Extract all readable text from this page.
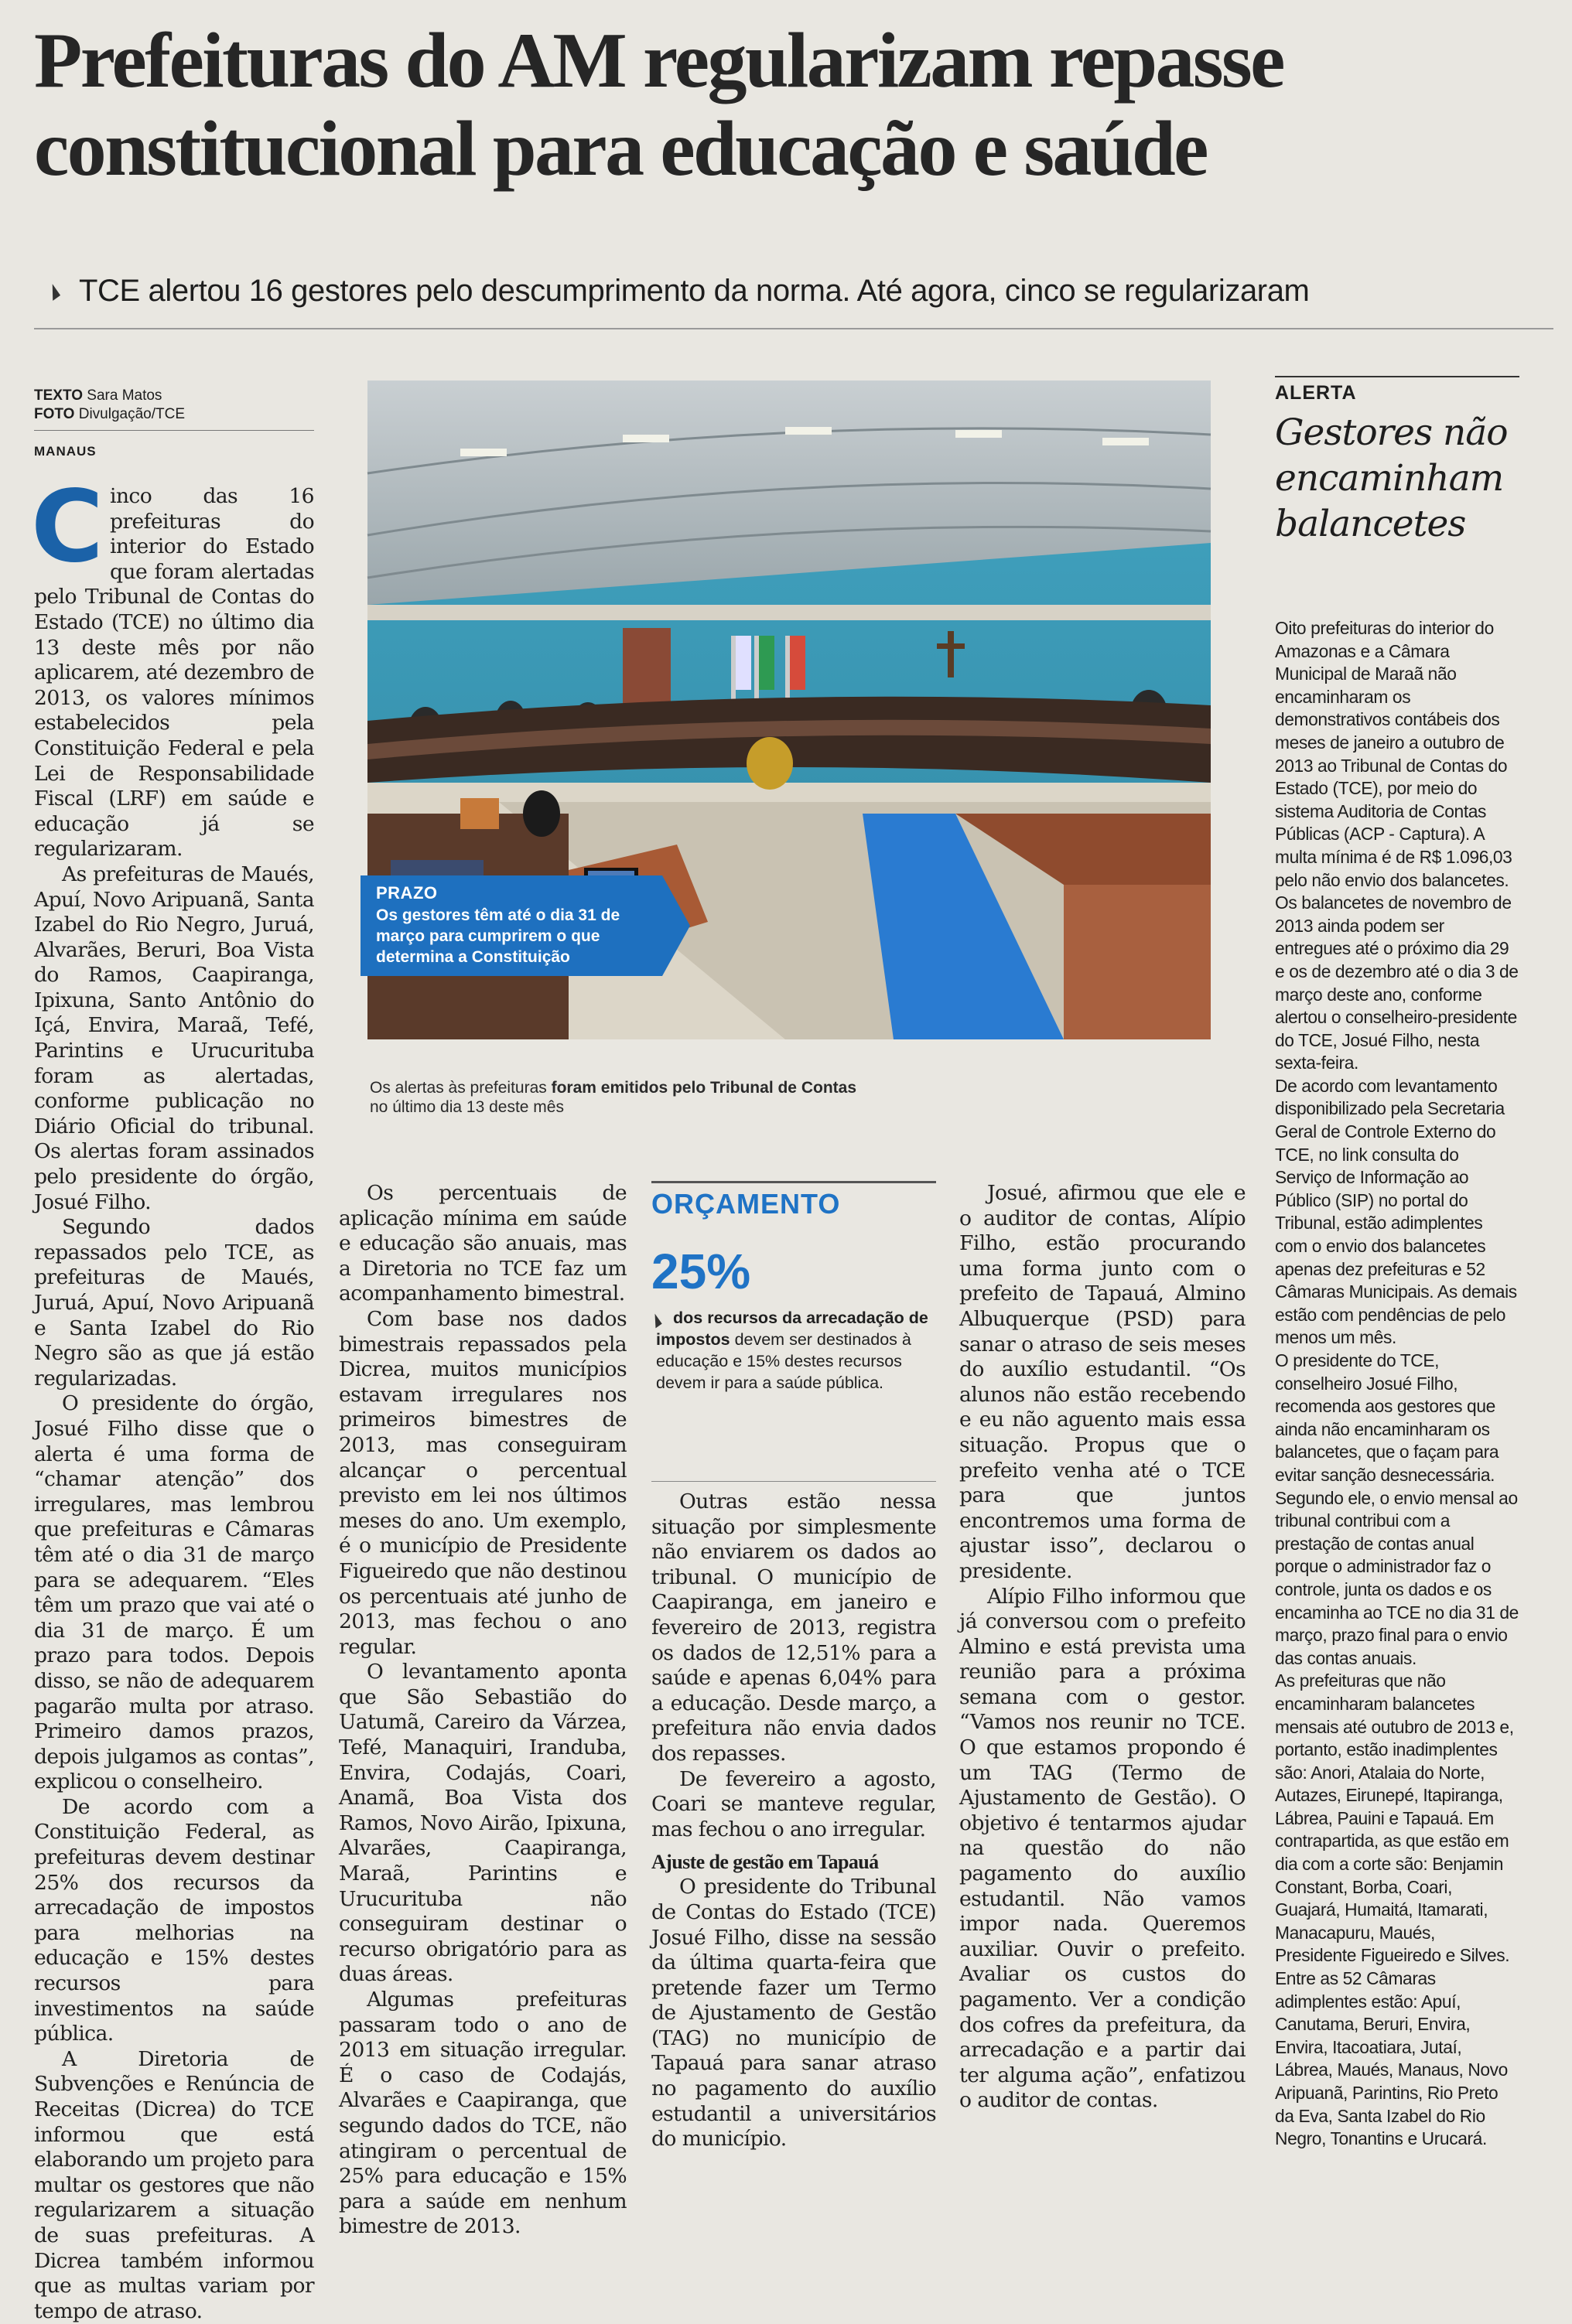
Prefeituras do AM regularizam repasse constitucional para educação e saúde
TCE alertou 16 gestores pelo descumprimento da norma. Até agora, cinco se regularizaram
TEXTO Sara Matos
FOTO Divulgação/TCE
MANAUS

Cinco das 16 prefeituras do interior do Estado que foram alertadas pelo Tribunal de Contas do Estado (TCE) no último dia 13 deste mês por não aplicarem, até dezembro de 2013, os valores mínimos estabelecidos pela Constituição Federal e pela Lei de Responsabilidade Fiscal (LRF) em saúde e educação já se regularizaram.

As prefeituras de Maués, Apuí, Novo Aripuanã, Santa Izabel do Rio Negro, Juruá, Alvarães, Beruri, Boa Vista do Ramos, Caapiranga, Ipixuna, Santo Antônio do Içá, Envira, Maraã, Tefé, Parintins e Urucurituba foram as alertadas, conforme publicação no Diário Oficial do tribunal. Os alertas foram assinados pelo presidente do órgão, Josué Filho.

Segundo dados repassados pelo TCE, as prefeituras de Maués, Juruá, Apuí, Novo Aripuanã e Santa Izabel do Rio Negro são as que já estão regularizadas.

O presidente do órgão, Josué Filho disse que o alerta é uma forma de “chamar atenção” dos irregulares, mas lembrou que prefeituras e Câmaras têm até o dia 31 de março para se adequarem. “Eles têm um prazo que vai até o dia 31 de março. É um prazo para todos. Depois disso, se não de adequarem pagarão multa por atraso. Primeiro damos prazos, depois julgamos as contas”, explicou o conselheiro.

De acordo com a Constituição Federal, as prefeituras devem destinar 25% dos recursos da arrecadação de impostos para melhorias na educação e 15% destes recursos para investimentos na saúde pública.

A Diretoria de Subvenções e Renúncia de Receitas (Dicrea) do TCE informou que está elaborando um projeto para multar os gestores que não regularizarem a situação de suas prefeituras. A Dicrea também informou que as multas variam por tempo de atraso.

Os percentuais de aplicação mínima em saúde e educação são anuais, mas a Diretoria no TCE faz um acompanhamento bimestral.

Com base nos dados bimestrais repassados pela Dicrea, muitos municípios estavam irregulares nos primeiros bimestres de 2013, mas conseguiram alcançar o percentual previsto em lei nos últimos meses do ano. Um exemplo, é o município de Presidente Figueiredo que não destinou os percentuais até junho de 2013, mas fechou o ano regular.

O levantamento aponta que São Sebastião do Uatumã, Careiro da Várzea, Tefé, Manaquiri, Iranduba, Envira, Codajás, Coari, Anamã, Boa Vista dos Ramos, Novo Airão, Ipixuna, Alvarães, Caapiranga, Maraã, Parintins e Urucurituba não conseguiram destinar o recurso obrigatório para as duas áreas.

Algumas prefeituras passaram todo o ano de 2013 em situação irregular. É o caso de Codajás, Alvarães e Caapiranga, que segundo dados do TCE, não atingiram o percentual de 25% para educação e 15% para a saúde em nenhum bimestre de 2013.

ORÇAMENTO
25%
dos recursos da arrecadação de impostos devem ser destinados à educação e 15% destes recursos devem ir para a saúde pública.

Outras estão nessa situação por simplesmente não enviarem os dados ao tribunal. O município de Caapiranga, em janeiro e fevereiro de 2013, registra os dados de 12,51% para a saúde e apenas 6,04% para a educação. Desde março, a prefeitura não envia dados dos repasses.

De fevereiro a agosto, Coari se manteve regular, mas fechou o ano irregular.

Ajuste de gestão em Tapauá

O presidente do Tribunal de Contas do Estado (TCE) Josué Filho, disse na sessão da última quarta-feira que pretende fazer um Termo de Ajustamento de Gestão (TAG) no município de Tapauá para sanar atraso no pagamento do auxílio estudantil a universitários do município.

Josué, afirmou que ele e o auditor de contas, Alípio Filho, estão procurando uma forma junto com o prefeito de Tapauá, Almino Albuquerque (PSD) para sanar o atraso de seis meses do auxílio estudantil. “Os alunos não estão recebendo e eu não aguento mais essa situação. Propus que o prefeito venha até o TCE para que juntos encontremos uma forma de ajustar isso”, declarou o presidente.

Alípio Filho informou que já conversou com o prefeito Almino e está prevista uma reunião para a próxima semana com o gestor. “Vamos nos reunir no TCE. O que estamos propondo é um TAG (Termo de Ajustamento de Gestão). O objetivo é tentarmos ajudar na questão do não pagamento do auxílio estudantil. Não vamos impor nada. Queremos auxiliar. Ouvir o prefeito. Avaliar os custos do pagamento. Ver a condição dos cofres da prefeitura, da arrecadação e a partir dai ter alguma ação”, enfatizou o auditor de contas.

PRAZO
Os gestores têm até o dia 31 de março para cumprirem o que determina a Constituição
Os alertas às prefeituras foram emitidos pelo Tribunal de Contas
no último dia 13 deste mês
ALERTA
Gestores não encaminham balancetes

Oito prefeituras do interior do Amazonas e a Câmara Municipal de Maraã não encaminharam os demonstrativos contábeis dos meses de janeiro a outubro de 2013 ao Tribunal de Contas do Estado (TCE), por meio do sistema Auditoria de Contas Públicas (ACP - Captura). A multa mínima é de R$ 1.096,03 pelo não envio dos balancetes.

Os balancetes de novembro de 2013 ainda podem ser entregues até o próximo dia 29 e os de dezembro até o dia 3 de março deste ano, conforme alertou o conselheiro-presidente do TCE, Josué Filho, nesta sexta-feira.

De acordo com levantamento disponibilizado pela Secretaria Geral de Controle Externo do TCE, no link consulta do Serviço de Informação ao Público (SIP) no portal do Tribunal, estão adimplentes com o envio dos balancetes apenas dez prefeituras e 52 Câmaras Municipais. As demais estão com pendências de pelo menos um mês.

O presidente do TCE, conselheiro Josué Filho, recomenda aos gestores que ainda não encaminharam os balancetes, que o façam para evitar sanção desnecessária. Segundo ele, o envio mensal ao tribunal contribui com a prestação de contas anual porque o administrador faz o controle, junta os dados e os encaminha ao TCE no dia 31 de março, prazo final para o envio das contas anuais.

As prefeituras que não encaminharam balancetes mensais até outubro de 2013 e, portanto, estão inadimplentes são: Anori, Atalaia do Norte, Autazes, Eirunepé, Itapiranga, Lábrea, Pauini e Tapauá. Em contrapartida, as que estão em dia com a corte são: Benjamin Constant, Borba, Coari, Guajará, Humaitá, Itamarati, Manacapuru, Maués, Presidente Figueiredo e Silves. Entre as 52 Câmaras adimplentes estão: Apuí, Canutama, Beruri, Envira, Envira, Itacoatiara, Jutaí, Lábrea, Maués, Manaus, Novo Aripuanã, Parintins, Rio Preto da Eva, Santa Izabel do Rio Negro, Tonantins e Urucará.
